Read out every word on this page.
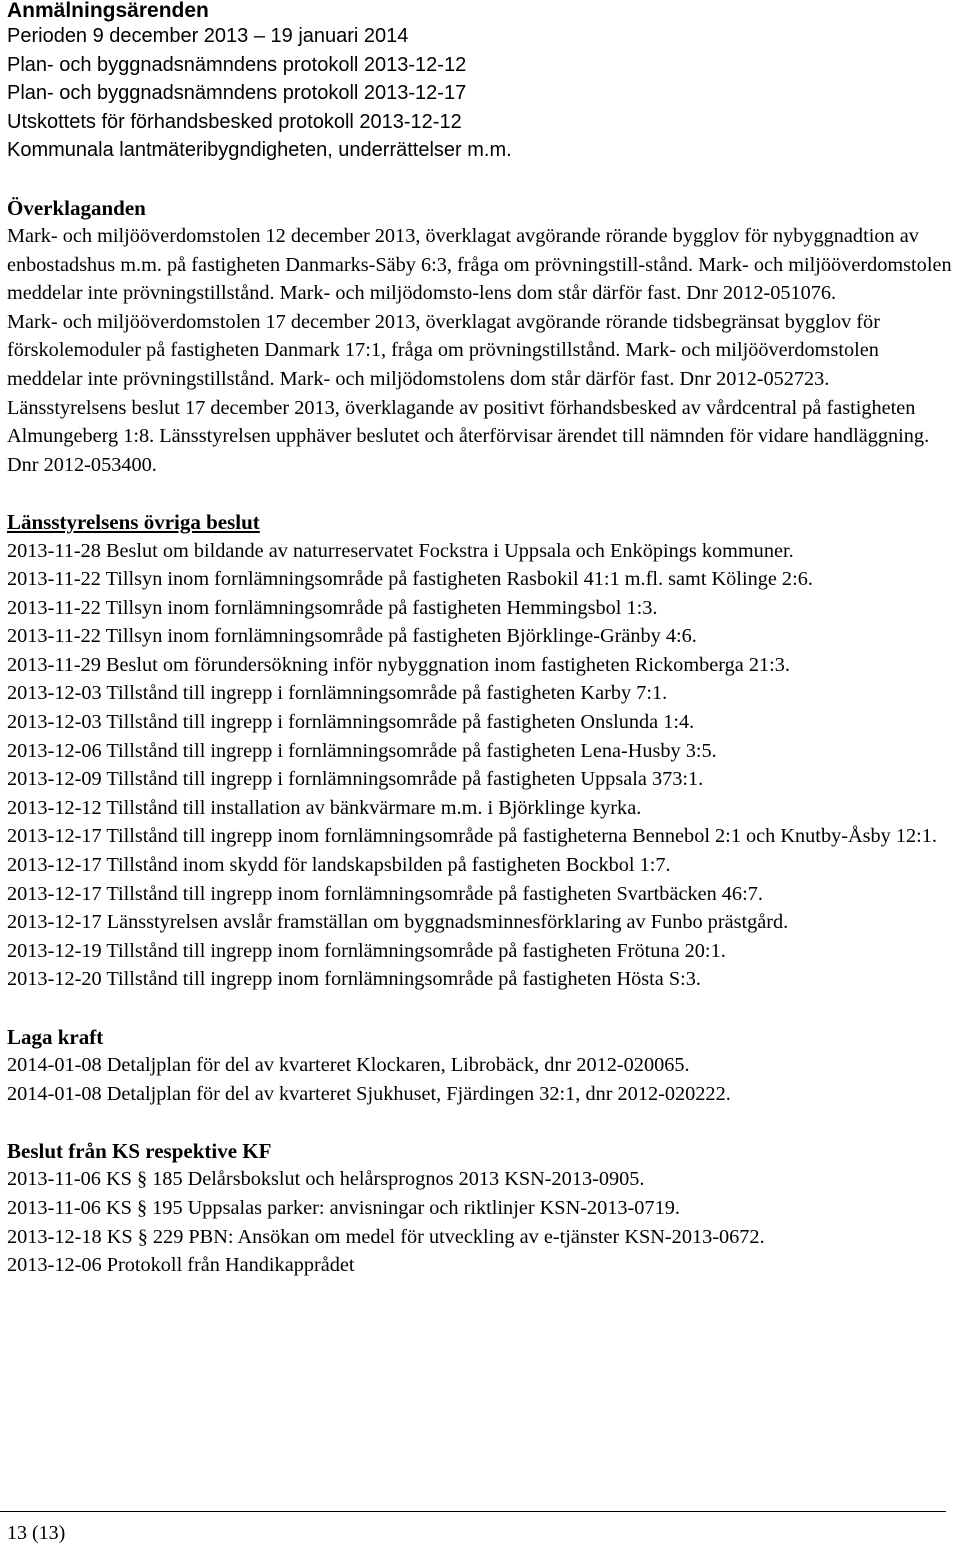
Anmälningsärenden

Perioden 9 december 2013 – 19 januari 2014
Plan- och byggnadsnämndens protokoll 2013-12-12
Plan- och byggnadsnämndens protokoll 2013-12-17
Utskottets för förhandsbesked protokoll 2013-12-12
Kommunala lantmäteribygndigheten, underrättelser m.m.

Överklaganden

Mark- och miljööverdomstolen 12 december 2013, överklagat avgörande rörande bygglov för nybyggnadtion av enbostadshus m.m. på fastigheten Danmarks-Säby 6:3, fråga om prövningstill-stånd. Mark- och miljööverdomstolen meddelar inte prövningstillstånd. Mark- och miljödomsto-lens dom står därför fast. Dnr 2012-051076.

Mark- och miljööverdomstolen 17 december 2013, överklagat avgörande rörande tidsbegränsat bygglov för förskolemoduler på fastigheten Danmark 17:1, fråga om prövningstillstånd. Mark- och miljööverdomstolen meddelar inte prövningstillstånd. Mark- och miljödomstolens dom står därför fast. Dnr 2012-052723.

Länsstyrelsens beslut 17 december 2013, överklagande av positivt förhandsbesked av vårdcentral på fastigheten Almungeberg 1:8. Länsstyrelsen upphäver beslutet och återförvisar ärendet till nämnden för vidare handläggning. Dnr 2012-053400.

Länsstyrelsens övriga beslut

2013-11-28 Beslut om bildande av naturreservatet Fockstra i Uppsala och Enköpings kommuner.

2013-11-22 Tillsyn inom fornlämningsområde på fastigheten Rasbokil 41:1 m.fl. samt Kölinge 2:6.

2013-11-22 Tillsyn inom fornlämningsområde på fastigheten Hemmingsbol 1:3.

2013-11-22 Tillsyn inom fornlämningsområde på fastigheten Björklinge-Gränby 4:6.

2013-11-29 Beslut om förundersökning inför nybyggnation inom fastigheten Rickomberga 21:3.

2013-12-03 Tillstånd till ingrepp i fornlämningsområde på fastigheten Karby 7:1.

2013-12-03 Tillstånd till ingrepp i fornlämningsområde på fastigheten Onslunda 1:4.

2013-12-06 Tillstånd till ingrepp i fornlämningsområde på fastigheten Lena-Husby 3:5.

2013-12-09 Tillstånd till ingrepp i fornlämningsområde på fastigheten Uppsala 373:1.

2013-12-12 Tillstånd till installation av bänkvärmare m.m. i Björklinge kyrka.

2013-12-17 Tillstånd till ingrepp inom fornlämningsområde på fastigheterna Bennebol 2:1 och Knutby-Åsby 12:1.

2013-12-17 Tillstånd inom skydd för landskapsbilden på fastigheten Bockbol 1:7.

2013-12-17 Tillstånd till ingrepp inom fornlämningsområde på fastigheten Svartbäcken 46:7.

2013-12-17 Länsstyrelsen avslår framställan om byggnadsminnesförklaring av Funbo prästgård.

2013-12-19 Tillstånd till ingrepp inom fornlämningsområde på fastigheten Frötuna 20:1.

2013-12-20 Tillstånd till ingrepp inom fornlämningsområde på fastigheten Hösta S:3.

Laga kraft

2014-01-08 Detaljplan för del av kvarteret Klockaren, Librobäck, dnr 2012-020065.

2014-01-08 Detaljplan för del av kvarteret Sjukhuset, Fjärdingen 32:1, dnr 2012-020222.

Beslut från KS respektive KF

2013-11-06 KS § 185 Delårsbokslut och helårsprognos 2013 KSN-2013-0905.

2013-11-06 KS § 195 Uppsalas parker: anvisningar och riktlinjer KSN-2013-0719.

2013-12-18 KS § 229 PBN: Ansökan om medel för utveckling av e-tjänster KSN-2013-0672.

2013-12-06 Protokoll från Handikapprådet

13 (13)
